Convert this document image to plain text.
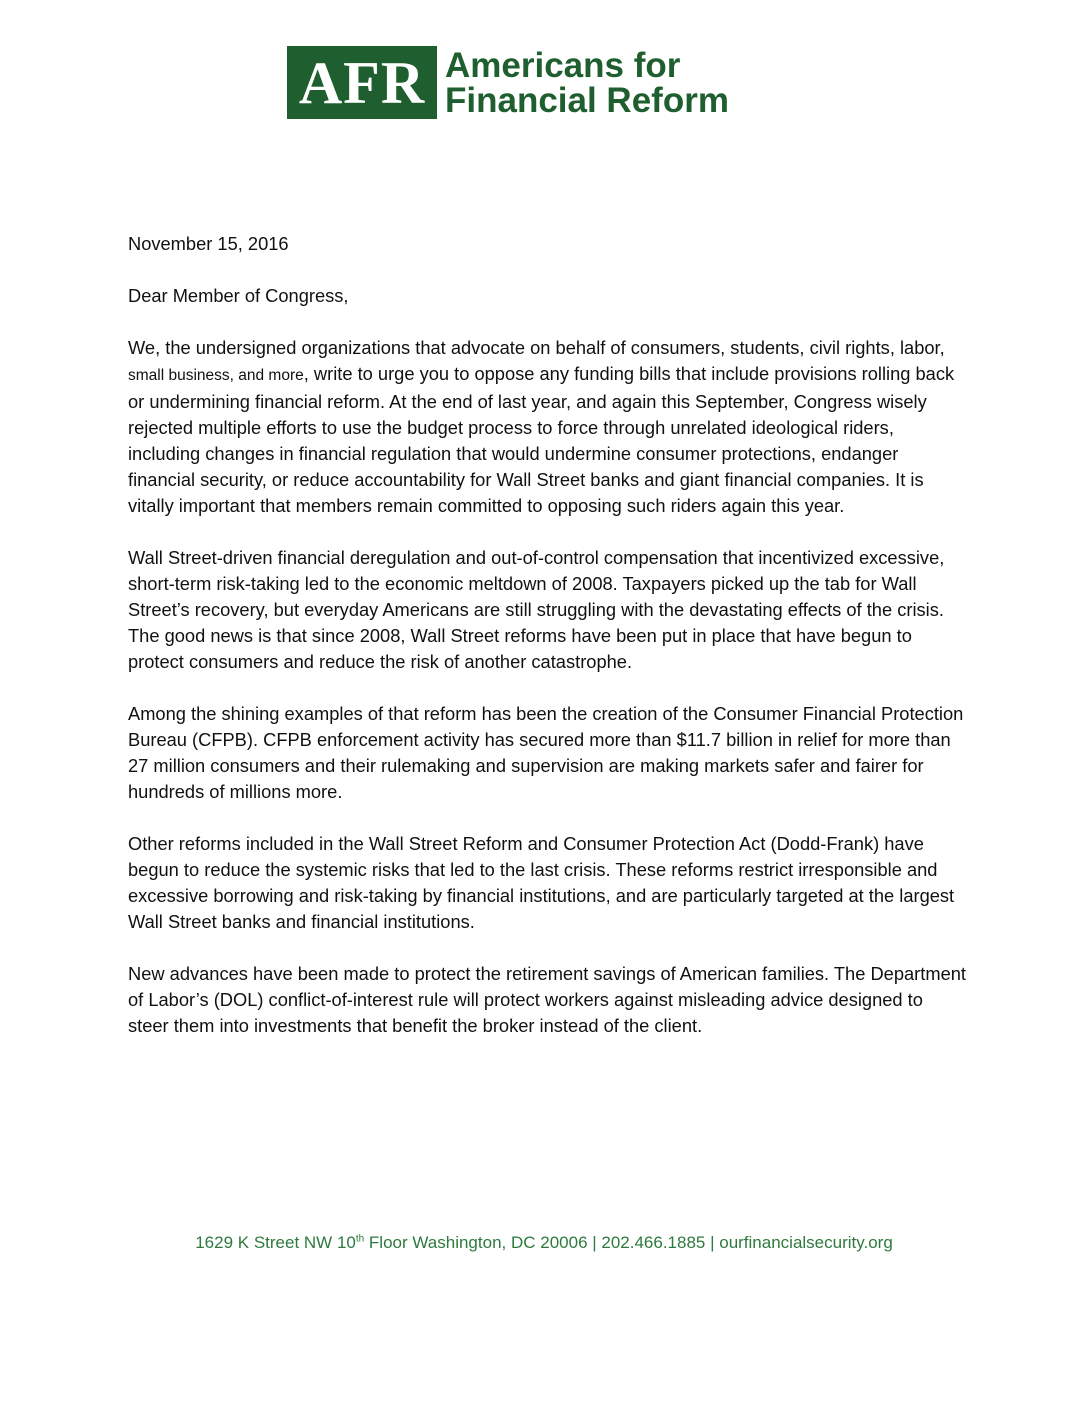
AFR Americans for
Financial Reform

November 15, 2016

Dear Member of Congress,

We, the undersigned organizations that advocate on behalf of consumers, students, civil rights, labor, small business, and more, write to urge you to oppose any funding bills that include provisions rolling back or undermining financial reform. At the end of last year, and again this September, Congress wisely rejected multiple efforts to use the budget process to force through unrelated ideological riders, including changes in financial regulation that would undermine consumer protections, endanger financial security, or reduce accountability for Wall Street banks and giant financial companies. It is vitally important that members remain committed to opposing such riders again this year.

Wall Street-driven financial deregulation and out-of-control compensation that incentivized excessive, short-term risk-taking led to the economic meltdown of 2008. Taxpayers picked up the tab for Wall Street’s recovery, but everyday Americans are still struggling with the devastating effects of the crisis. The good news is that since 2008, Wall Street reforms have been put in place that have begun to protect consumers and reduce the risk of another catastrophe.

Among the shining examples of that reform has been the creation of the Consumer Financial Protection Bureau (CFPB). CFPB enforcement activity has secured more than $11.7 billion in relief for more than 27 million consumers and their rulemaking and supervision are making markets safer and fairer for hundreds of millions more.

Other reforms included in the Wall Street Reform and Consumer Protection Act (Dodd-Frank) have begun to reduce the systemic risks that led to the last crisis. These reforms restrict irresponsible and excessive borrowing and risk-taking by financial institutions, and are particularly targeted at the largest Wall Street banks and financial institutions.

New advances have been made to protect the retirement savings of American families. The Department of Labor’s (DOL) conflict-of-interest rule will protect workers against misleading advice designed to steer them into investments that benefit the broker instead of the client.

1629 K Street NW 10th Floor Washington, DC 20006 | 202.466.1885 | ourfinancialsecurity.org
